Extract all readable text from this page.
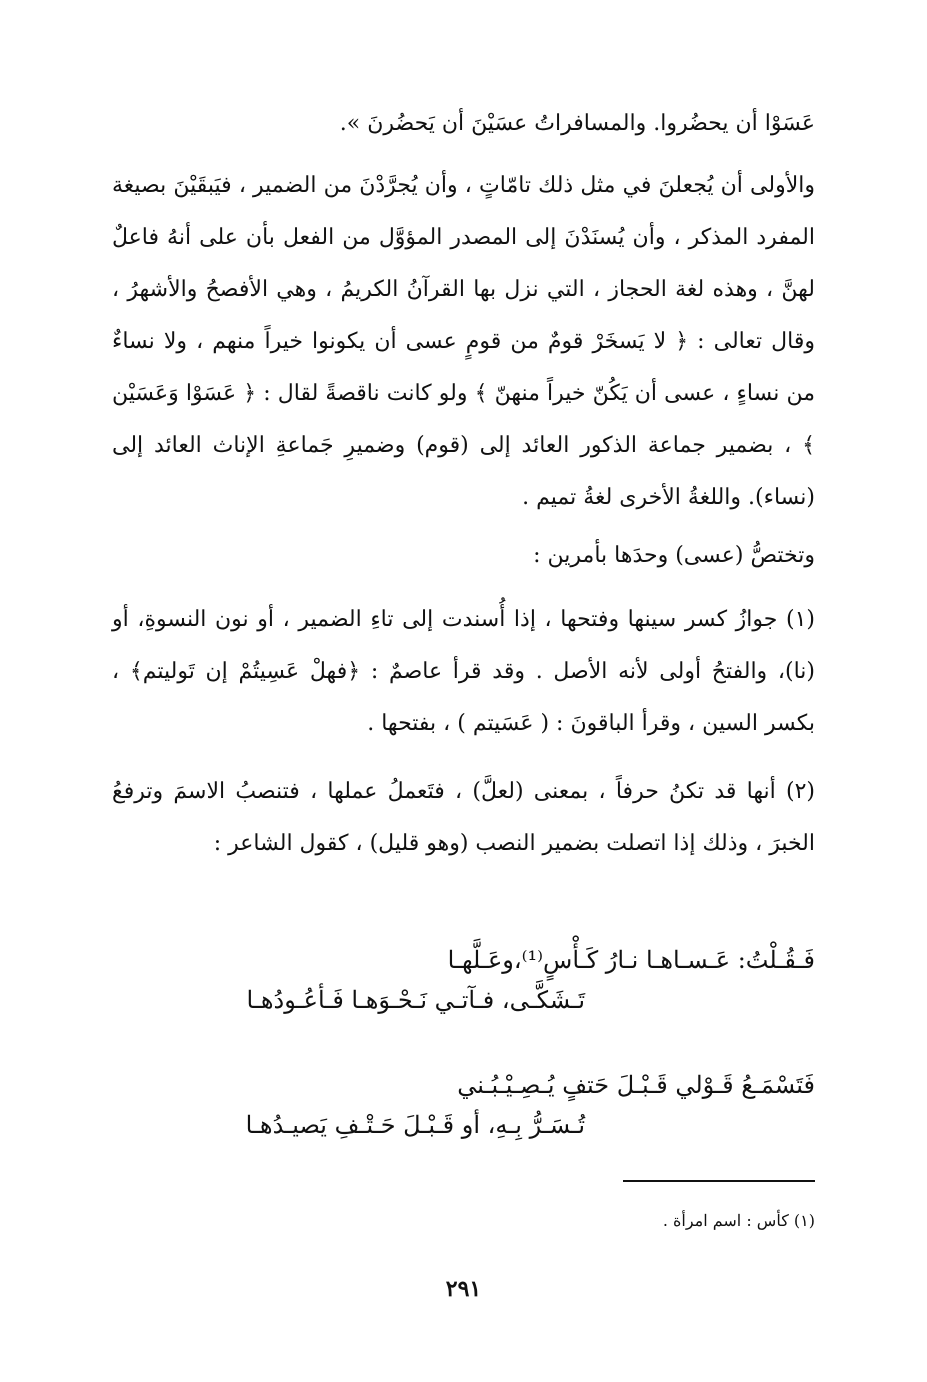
عَسَوْا أن يحضُروا. والمسافراتُ عسَيْنَ أن يَحضُرنَ ».

والأولى أن يُجعلنَ في مثل ذلك تامّاتٍ ، وأن يُجرَّدْنَ من الضمير ، فيَبقَيْنَ بصيغة المفرد المذكر ، وأن يُسنَدْنَ إلى المصدر المؤوَّل من الفعل بأن على أنهُ فاعلٌ لهنَّ ، وهذه لغة الحجاز ، التي نزل بها القرآنُ الكريمُ ، وهي الأفصحُ والأشهرُ ، وقال تعالى : ﴿ لا يَسخَرْ قومٌ من قومٍ عسى أن يكونوا خيراً منهم ، ولا نساءٌ من نساءٍ ، عسى أن يَكُنّ خيراً منهنّ ﴾ ولو كانت ناقصةً لقال : ﴿ عَسَوْا وَعَسَيْن ﴾ ، بضمير جماعة الذكور العائد إلى (قوم) وضميرِ جَماعةِ الإناث العائد إلى (نساء). واللغةُ الأخرى لغةُ تميم .

وتختصُّ (عسى) وحدَها بأمرين :

(١) جوازُ كسر سينها وفتحها ، إذا أُسندت إلى تاءِ الضمير ، أو نون النسوةِ، أو (نا)، والفتحُ أولى لأنه الأصل . وقد قرأ عاصمٌ : ﴿فهلْ عَسِيتُمْ إن تَوليتم﴾ ، بكسر السين ، وقرأ الباقونَ : ( عَسَيتم ) ، بفتحها .

(٢) أنها قد تكنُ حرفاً ، بمعنى (لعلَّ) ، فتَعملُ عملها ، فتنصبُ الاسمَ وترفعُ الخبرَ ، وذلك إذا اتصلت بضمير النصب (وهو قليل) ، كقول الشاعر :

فَـقُـلْتُ: عَـسـاهـا نـارُ كَـأْسٍ⁽¹⁾،وعَـلَّهـا
تَـشَكَّـى، فـآتـي نَـحْـوَهـا فَـأعُـودُهـا
فَتَسْمَـعُ قَـوْلي قَـبْـلَ حَتفٍ يُـصِـيْـبُـني
تُـسَـرُّ بِـهِ، أو قَـبْـلَ حَـتْـفِ يَصيـدُهـا
(١) كأس : اسم امرأة .
٢٩١
